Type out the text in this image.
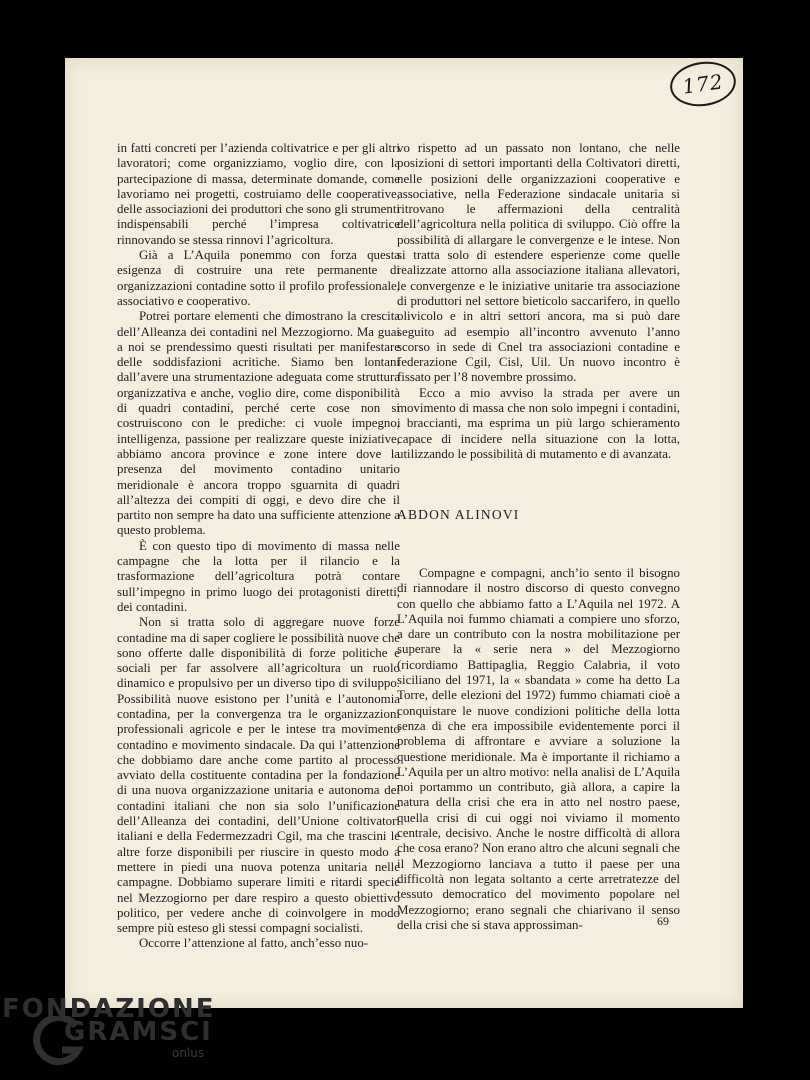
172

in fatti concreti per l’azienda coltivatrice e per gli altri lavoratori; come organizziamo, voglio dire, con la partecipazione di massa, determinate domande, come lavoriamo nei progetti, costruiamo delle cooperative, delle associazioni dei produttori che sono gli strumenti indispensabili perché l’impresa coltivatrice rinnovando se stessa rinnovi l’agricoltura.

Già a L’Aquila ponemmo con forza questa esigenza di costruire una rete permanente di organizzazioni contadine sotto il profilo professionale, associativo e cooperativo.

Potrei portare elementi che dimostrano la crescita dell’Alleanza dei contadini nel Mezzogiorno. Ma guai a noi se prendessimo questi risultati per manifestare delle soddisfazioni acritiche. Siamo ben lontani dall’avere una strumentazione adeguata come struttura organizzativa e anche, voglio dire, come disponibilità di quadri contadini, perché certe cose non si costruiscono con le prediche: ci vuole impegno, intelligenza, passione per realizzare queste iniziative, abbiamo ancora province e zone intere dove la presenza del movimento contadino unitario meridionale è ancora troppo sguarnita di quadri all’altezza dei compiti di oggi, e devo dire che il partito non sempre ha dato una sufficiente attenzione a questo problema.

È con questo tipo di movimento di massa nelle campagne che la lotta per il rilancio e la trasformazione dell’agricoltura potrà contare sull’impegno in primo luogo dei protagonisti diretti, dei contadini.

Non si tratta solo di aggregare nuove forze contadine ma di saper cogliere le possibilità nuove che sono offerte dalle disponibilità di forze politiche e sociali per far assolvere all’agricoltura un ruolo dinamico e propulsivo per un diverso tipo di sviluppo. Possibilità nuove esistono per l’unità e l’autonomia contadina, per la convergenza tra le organizzazioni professionali agricole e per le intese tra movimento contadino e movimento sindacale. Da qui l’attenzione che dobbiamo dare anche come partito al processo avviato della costituente contadina per la fondazione di una nuova organizzazione unitaria e autonoma dei contadini italiani che non sia solo l’unificazione dell’Alleanza dei contadini, dell’Unione coltivatori italiani e della Federmezzadri Cgil, ma che trascini le altre forze disponibili per riuscire in questo modo a mettere in piedi una nuova potenza unitaria nelle campagne. Dobbiamo superare limiti e ritardi specie nel Mezzogiorno per dare respiro a questo obiettivo politico, per vedere anche di coinvolgere in modo sempre più esteso gli stessi compagni socialisti.

Occorre l’attenzione al fatto, anch’esso nuo-

vo rispetto ad un passato non lontano, che nelle posizioni di settori importanti della Coltivatori diretti, nelle posizioni delle organizzazioni cooperative e associative, nella Federazione sindacale unitaria si ritrovano le affermazioni della centralità dell’agricoltura nella politica di sviluppo. Ciò offre la possibilità di allargare le convergenze e le intese. Non si tratta solo di estendere esperienze come quelle realizzate attorno alla associazione italiana allevatori, le convergenze e le iniziative unitarie tra associazione di produttori nel settore bieticolo saccarifero, in quello olivicolo e in altri settori ancora, ma si può dare seguito ad esempio all’incontro avvenuto l’anno scorso in sede di Cnel tra associazioni contadine e federazione Cgil, Cisl, Uil. Un nuovo incontro è fissato per l’8 novembre prossimo.

Ecco a mio avviso la strada per avere un movimento di massa che non solo impegni i contadini, i braccianti, ma esprima un più largo schieramento capace di incidere nella situazione con la lotta, utilizzando le possibilità di mutamento e di avanzata.

ABDON ALINOVI

Compagne e compagni, anch’io sento il bisogno di riannodare il nostro discorso di questo convegno con quello che abbiamo fatto a L’Aquila nel 1972. A L’Aquila noi fummo chiamati a compiere uno sforzo, a dare un contributo con la nostra mobilitazione per superare la « serie nera » del Mezzogiorno (ricordiamo Battipaglia, Reggio Calabria, il voto siciliano del 1971, la « sbandata » come ha detto La Torre, delle elezioni del 1972) fummo chiamati cioè a conquistare le nuove condizioni politiche della lotta senza di che era impossibile evidentemente porci il problema di affrontare e avviare a soluzione la questione meridionale. Ma è importante il richiamo a L’Aquila per un altro motivo: nella analisi de L’Aquila noi portammo un contributo, già allora, a capire la natura della crisi che era in atto nel nostro paese, quella crisi di cui oggi noi viviamo il momento centrale, decisivo. Anche le nostre difficoltà di allora che cosa erano? Non erano altro che alcuni segnali che il Mezzogiorno lanciava a tutto il paese per una difficoltà non legata soltanto a certe arretratezze del tessuto democratico del movimento popolare nel Mezzogiorno; erano segnali che chiarivano il senso della crisi che si stava approssiman-	69
FONDAZIONE
GRAMSCI
onlus
